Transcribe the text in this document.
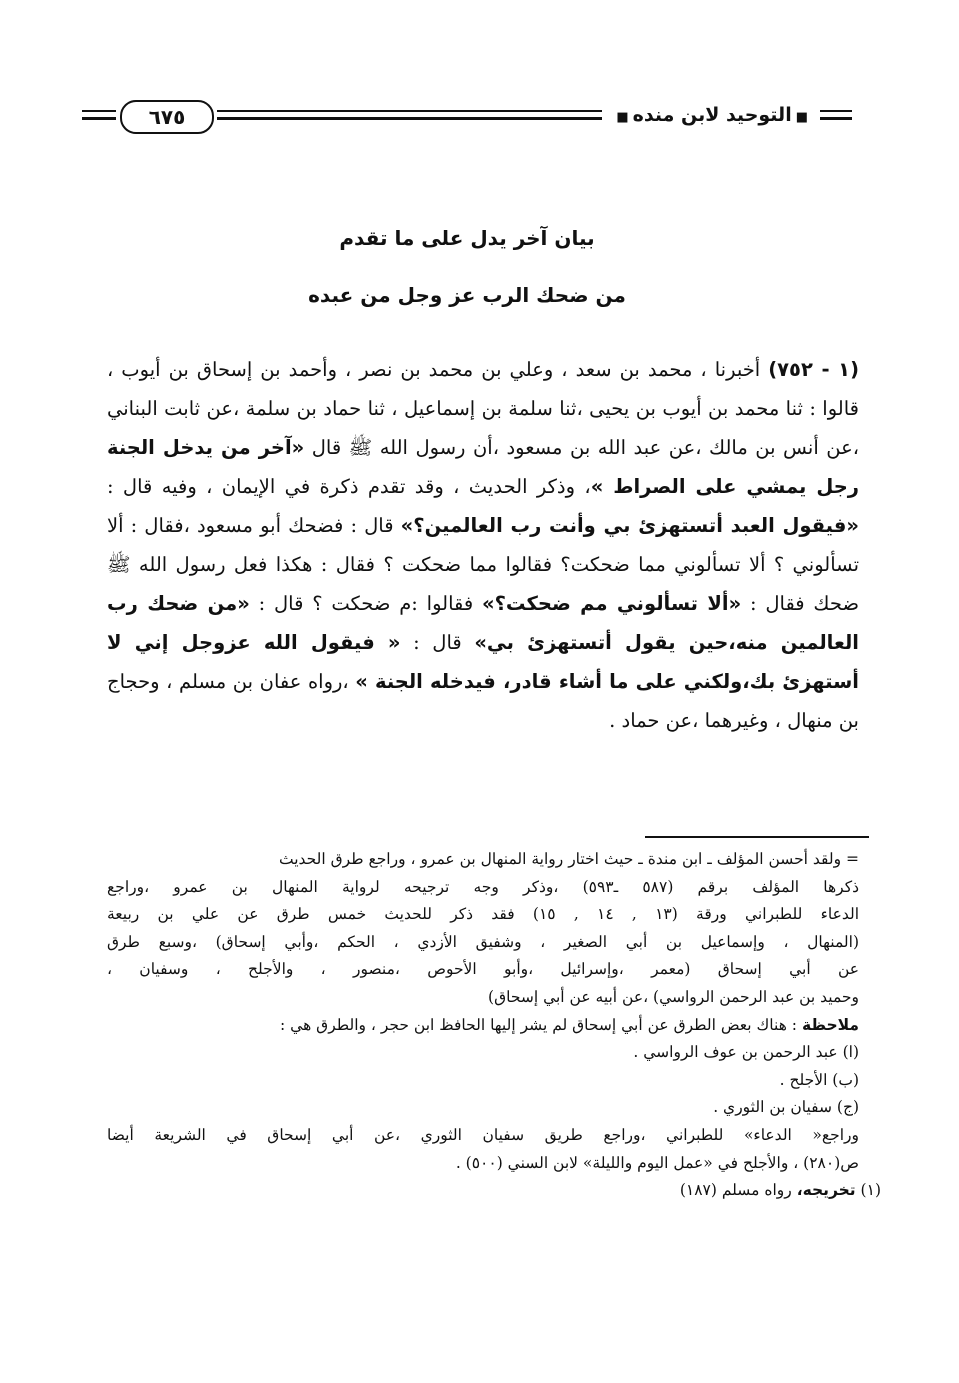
■التوحيد لابن منده■
٦٧٥
بيان آخر يدل على ما تقدم
من ضحك الرب عز وجل من عبده

(١ - ٧٥٢) أخبرنا ، محمد بن سعد ، وعلي بن محمد بن نصر ، وأحمد بن إسحاق بن أيوب ، قالوا : ثنا محمد بن أيوب بن يحيى ،ثنا سلمة بن إسماعيل ، ثنا حماد بن سلمة ،عن ثابت البناني ،عن أنس بن مالك ،عن عبد الله بن مسعود ،أن رسول الله ﷺ قال «آخر من يدخل الجنة رجل يمشي على الصراط »، وذكر الحديث ، وقد تقدم ذكرة في الإيمان ، وفيه قال : «فيقول العبد أتستهزئ بي وأنت رب العالمين؟» قال : فضحك أبو مسعود ،فقال : ألا تسألوني ؟ ألا تسألوني مما ضحكت؟ فقالوا مما ضحكت ؟ فقال : هكذا فعل رسول الله ﷺ ضحك فقال : «ألا تسألوني مم ضحكت؟» فقالوا :م ضحكت ؟ قال : «من ضحك رب العالمين منه،حين يقول أتستهزئ بي» قال : « فيقول الله عزوجل إني لا أستهزئ بك،ولكني على ما أشاء قادر، فيدخله الجنة » ،رواه عفان بن مسلم ، وحجاج بن منهال ، وغيرهما ،عن حماد .

= ولقد أحسن المؤلف ـ ابن مندة ـ حيث اختار رواية المنهال بن عمرو ، وراجع طرق الحديث
ذكرها المؤلف برقم (٥٨٧ ـ٥٩٣) ،وذكر وجه ترجيحه لرواية المنهال بن عمرو ،وراجع
الدعاء للطبراني ورقة (١٣ , ١٤ , ١٥) فقد ذكر للحديث خمس طرق عن علي بن ربيعة
(المنهال ، وإسماعيل بن أبي الصغير ، وشفيق الأزدي ، الحكم ،وأبي إسحاق) ،وسبع طرق
عن أبي إسحاق (معمر ،وإسرائيل ،وأبو الأحوص ،منصور ، والأجلح ، وسفيان ،
وحميد بن عبد الرحمن الرواسي) ،عن أبيه عن أبي إسحاق)
ملاحظة : هناك بعض الطرق عن أبي إسحاق لم يشر إليها الحافظ ابن حجر ، والطرق هي :
(ا) عبد الرحمن بن عوف الرواسي .
(ب) الأجلح .
(ج) سفيان بن الثوري .
وراجع« الدعاء» للطبراني ،وراجع طريق سفيان الثوري ،عن أبي إسحاق في الشريعة أيضا
ص(٢٨٠) ، والأجلح في «عمل اليوم والليلة» لابن السني (٥٠٠) .
(١) تخريجه، رواه مسلم (١٨٧)
